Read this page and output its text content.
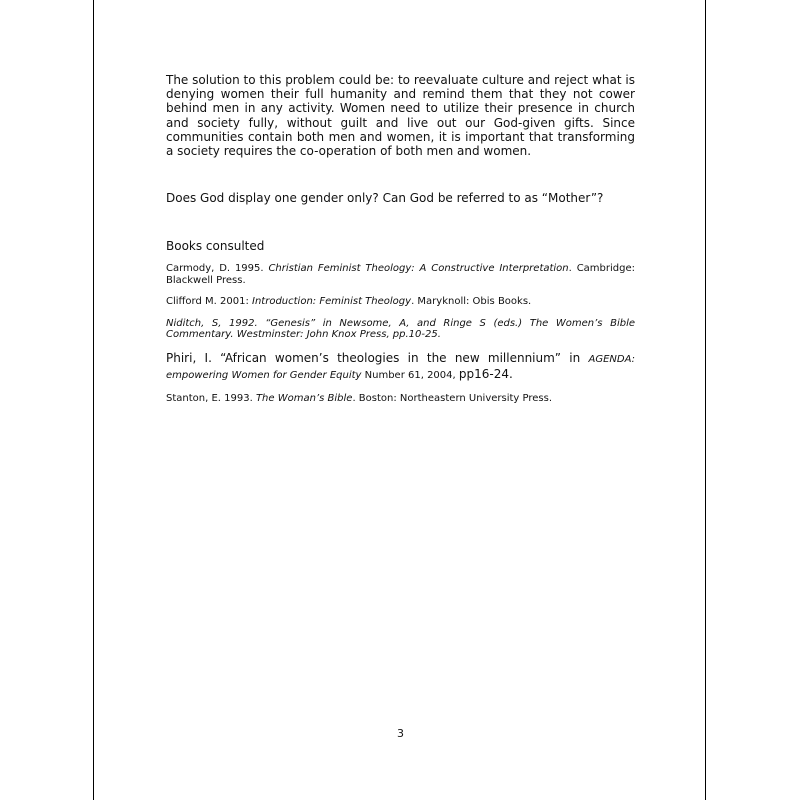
The solution to this problem could be: to reevaluate culture and reject what is denying women their full humanity and remind them that they not cower behind men in any activity. Women need to utilize their presence in church and society fully, without guilt and live out our God-given gifts. Since communities contain both men and women, it is important that transforming a society requires the co-operation of both men and women.

Does God display one gender only? Can God be referred to as “Mother”?

Books consulted

Carmody, D. 1995. Christian Feminist Theology: A Constructive Interpretation. Cambridge: Blackwell Press.

Clifford M. 2001: Introduction: Feminist Theology. Maryknoll: Obis Books.

Niditch, S, 1992. “Genesis” in Newsome, A, and Ringe S (eds.) The Women’s Bible Commentary. Westminster: John Knox Press, pp.10-25.

Phiri, I. “African women’s theologies in the new millennium” in AGENDA: empowering Women for Gender Equity Number 61, 2004, pp16-24.

Stanton, E. 1993. The Woman’s Bible. Boston: Northeastern University Press.

3
